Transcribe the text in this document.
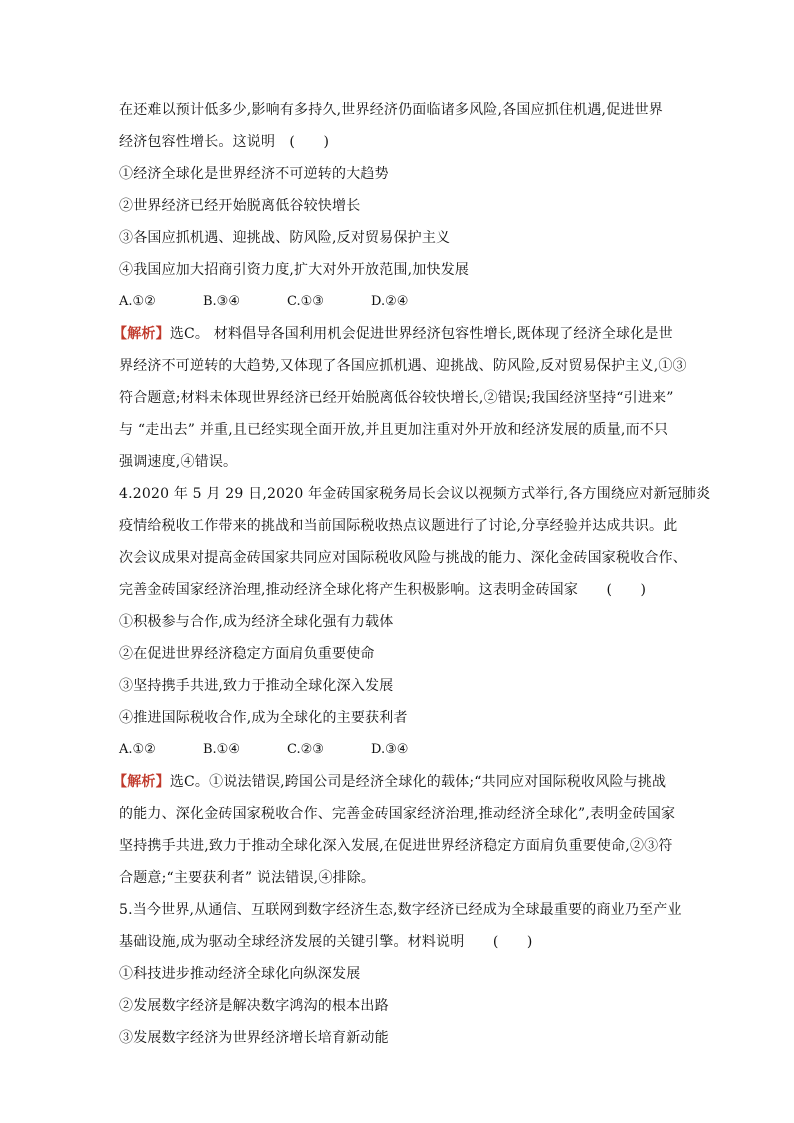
在还难以预计低多少,影响有多持久,世界经济仍面临诸多风险,各国应抓住机遇,促进世界
经济包容性增长。这说明　(　　)
①经济全球化是世界经济不可逆转的大趋势
②世界经济已经开始脱离低谷较快增长
③各国应抓机遇、迎挑战、防风险,反对贸易保护主义
④我国应加大招商引资力度,扩大对外开放范围,加快发展
A.①②	B.③④	C.①③	D.②④
【解析】选C。 材料倡导各国利用机会促进世界经济包容性增长,既体现了经济全球化是世
界经济不可逆转的大趋势,又体现了各国应抓机遇、迎挑战、防风险,反对贸易保护主义,①③
符合题意;材料未体现世界经济已经开始脱离低谷较快增长,②错误;我国经济坚持“引进来”
与 “走出去” 并重,且已经实现全面开放,并且更加注重对外开放和经济发展的质量,而不只
强调速度,④错误。
4.2020 年 5 月 29 日,2020 年金砖国家税务局长会议以视频方式举行,各方围绕应对新冠肺炎
疫情给税收工作带来的挑战和当前国际税收热点议题进行了讨论,分享经验并达成共识。此
次会议成果对提高金砖国家共同应对国际税收风险与挑战的能力、深化金砖国家税收合作、
完善金砖国家经济治理,推动经济全球化将产生积极影响。这表明金砖国家　　(　　)
①积极参与合作,成为经济全球化强有力载体
②在促进世界经济稳定方面肩负重要使命
③坚持携手共进,致力于推动全球化深入发展
④推进国际税收合作,成为全球化的主要获利者
A.①②	B.①④	C.②③	D.③④
【解析】选C。①说法错误,跨国公司是经济全球化的载体;“共同应对国际税收风险与挑战
的能力、深化金砖国家税收合作、完善金砖国家经济治理,推动经济全球化”,表明金砖国家
坚持携手共进,致力于推动全球化深入发展,在促进世界经济稳定方面肩负重要使命,②③符
合题意;“主要获利者” 说法错误,④排除。
5.当今世界,从通信、互联网到数字经济生态,数字经济已经成为全球最重要的商业乃至产业
基础设施,成为驱动全球经济发展的关键引擎。材料说明　　(　　)
①科技进步推动经济全球化向纵深发展
②发展数字经济是解决数字鸿沟的根本出路
③发展数字经济为世界经济增长培育新动能
